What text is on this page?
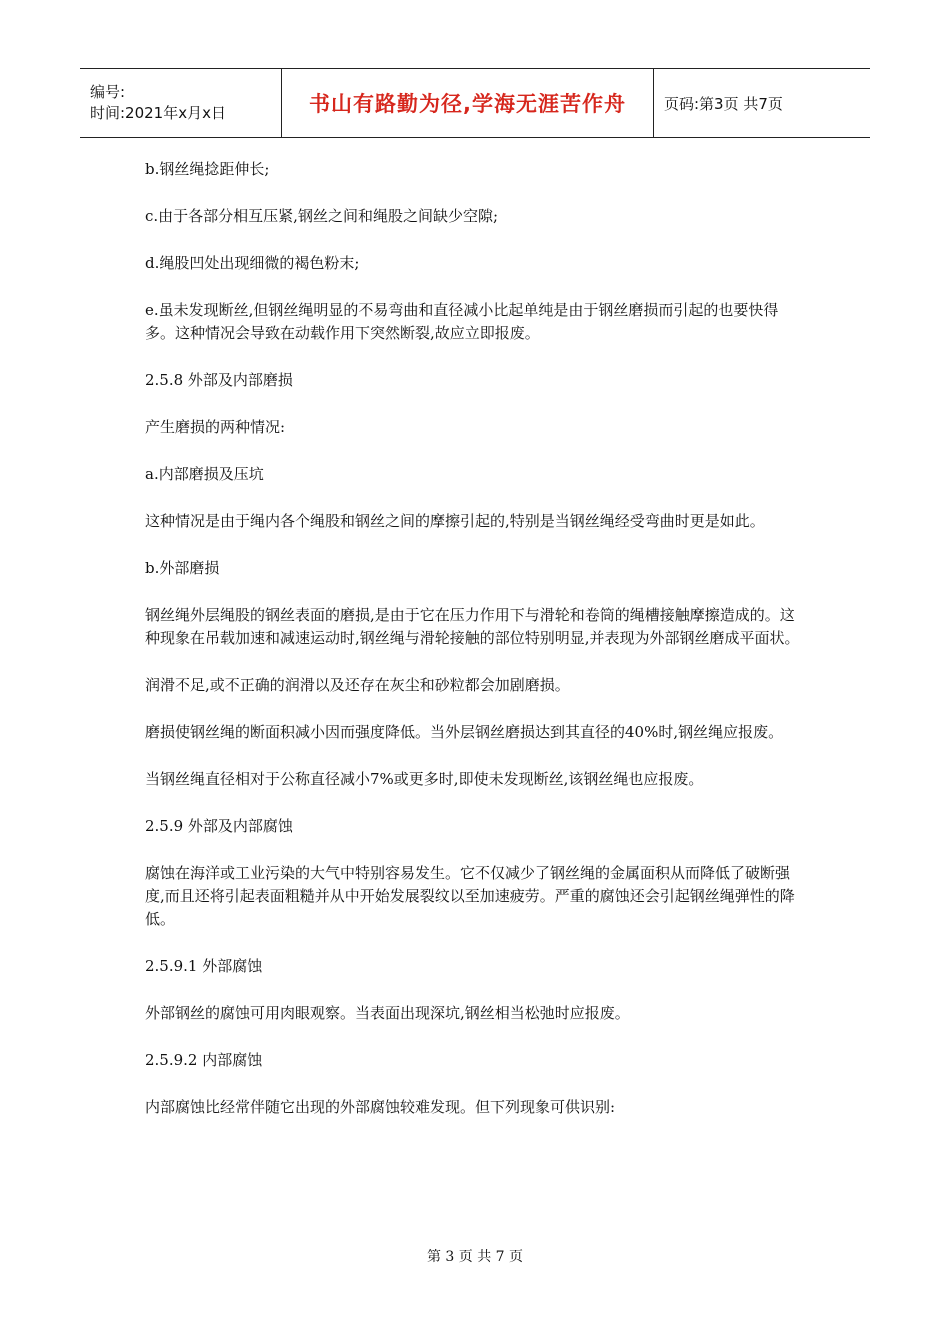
编号:
时间:2021年x月x日	书山有路勤为径,学海无涯苦作舟	页码:第3页 共7页

b.钢丝绳捻距伸长;

c.由于各部分相互压紧,钢丝之间和绳股之间缺少空隙;

d.绳股凹处出现细微的褐色粉末;

e.虽未发现断丝,但钢丝绳明显的不易弯曲和直径减小比起单纯是由于钢丝磨损而引起的也要快得多。这种情况会导致在动载作用下突然断裂,故应立即报废。

2.5.8 外部及内部磨损

产生磨损的两种情况:

a.内部磨损及压坑

这种情况是由于绳内各个绳股和钢丝之间的摩擦引起的,特别是当钢丝绳经受弯曲时更是如此。

b.外部磨损

钢丝绳外层绳股的钢丝表面的磨损,是由于它在压力作用下与滑轮和卷筒的绳槽接触摩擦造成的。这种现象在吊载加速和减速运动时,钢丝绳与滑轮接触的部位特别明显,并表现为外部钢丝磨成平面状。

润滑不足,或不正确的润滑以及还存在灰尘和砂粒都会加剧磨损。

磨损使钢丝绳的断面积减小因而强度降低。当外层钢丝磨损达到其直径的40%时,钢丝绳应报废。

当钢丝绳直径相对于公称直径减小7%或更多时,即使未发现断丝,该钢丝绳也应报废。

2.5.9 外部及内部腐蚀

腐蚀在海洋或工业污染的大气中特别容易发生。它不仅减少了钢丝绳的金属面积从而降低了破断强度,而且还将引起表面粗糙并从中开始发展裂纹以至加速疲劳。严重的腐蚀还会引起钢丝绳弹性的降低。

2.5.9.1 外部腐蚀

外部钢丝的腐蚀可用肉眼观察。当表面出现深坑,钢丝相当松弛时应报废。

2.5.9.2 内部腐蚀

内部腐蚀比经常伴随它出现的外部腐蚀较难发现。但下列现象可供识别:

第 3 页 共 7 页
